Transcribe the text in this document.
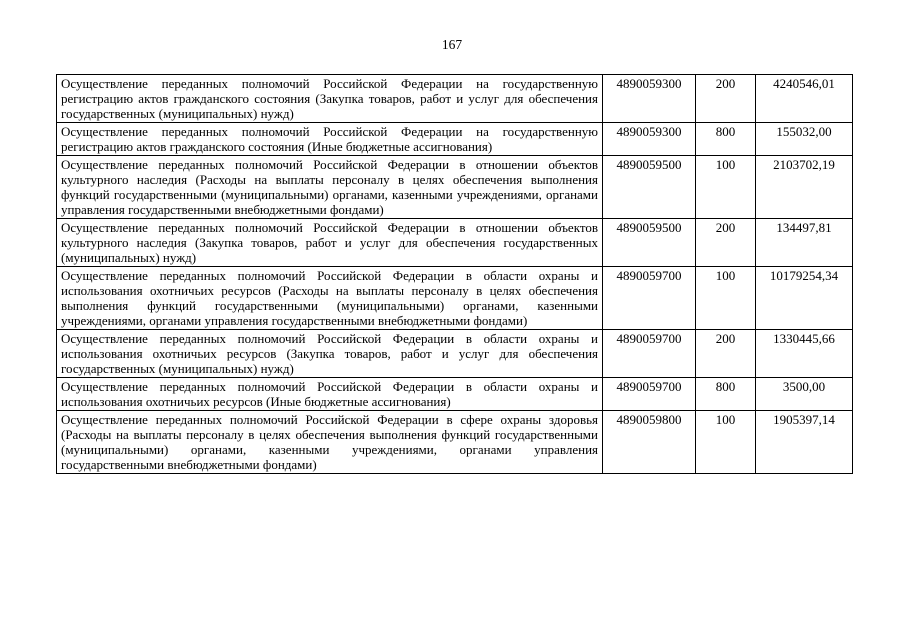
167
Осуществление переданных полномочий Российской Федерации на государственную регистрацию актов гражданского состояния (Закупка товаров, работ и услуг для обеспечения государственных (муниципальных) нужд)	4890059300	200	4240546,01
Осуществление переданных полномочий Российской Федерации на государственную регистрацию актов гражданского состояния (Иные бюджетные ассигнования)	4890059300	800	155032,00
Осуществление переданных полномочий Российской Федерации в отношении объектов культурного наследия (Расходы на выплаты персоналу в целях обеспечения выполнения функций государственными (муниципальными) органами, казенными учреждениями, органами управления государственными внебюджетными фондами)	4890059500	100	2103702,19
Осуществление переданных полномочий Российской Федерации в отношении объектов культурного наследия (Закупка товаров, работ и услуг для обеспечения государственных (муниципальных) нужд)	4890059500	200	134497,81
Осуществление переданных полномочий Российской Федерации в области охраны и использования охотничьих ресурсов (Расходы на выплаты персоналу в целях обеспечения выполнения функций государственными (муниципальными) органами, казенными учреждениями, органами управления государственными внебюджетными фондами)	4890059700	100	10179254,34
Осуществление переданных полномочий Российской Федерации в области охраны и использования охотничьих ресурсов (Закупка товаров, работ и услуг для обеспечения государственных (муниципальных) нужд)	4890059700	200	1330445,66
Осуществление переданных полномочий Российской Федерации в области охраны и использования охотничьих ресурсов (Иные бюджетные ассигнования)	4890059700	800	3500,00
Осуществление переданных полномочий Российской Федерации в сфере охраны здоровья (Расходы на выплаты персоналу в целях обеспечения выполнения функций государственными (муниципальными) органами, казенными учреждениями, органами управления государственными внебюджетными фондами)	4890059800	100	1905397,14
